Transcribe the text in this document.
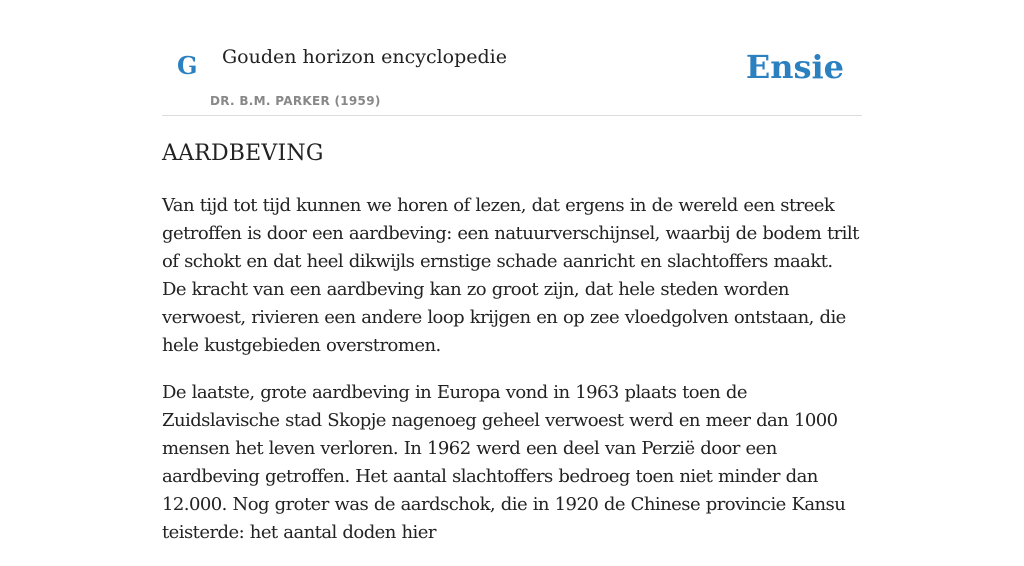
G Gouden horizon encyclopedie
DR. B.M. PARKER (1959)
Ensie
AARDBEVING

Van tijd tot tijd kunnen we horen of lezen, dat ergens in de wereld een streek getroffen is door een aardbeving: een natuurverschijnsel, waarbij de bodem trilt of schokt en dat heel dikwijls ernstige schade aanricht en slachtoffers maakt. De kracht van een aardbeving kan zo groot zijn, dat hele steden worden verwoest, rivieren een andere loop krijgen en op zee vloedgolven ontstaan, die hele kustgebieden overstromen.

De laatste, grote aardbeving in Europa vond in 1963 plaats toen de Zuidslavische stad Skopje nagenoeg geheel verwoest werd en meer dan 1000 mensen het leven verloren. In 1962 werd een deel van Perzië door een aardbeving getroffen. Het aantal slachtoffers bedroeg toen niet minder dan 12.000. Nog groter was de aardschok, die in 1920 de Chinese provincie Kansu teisterde: het aantal doden hier
